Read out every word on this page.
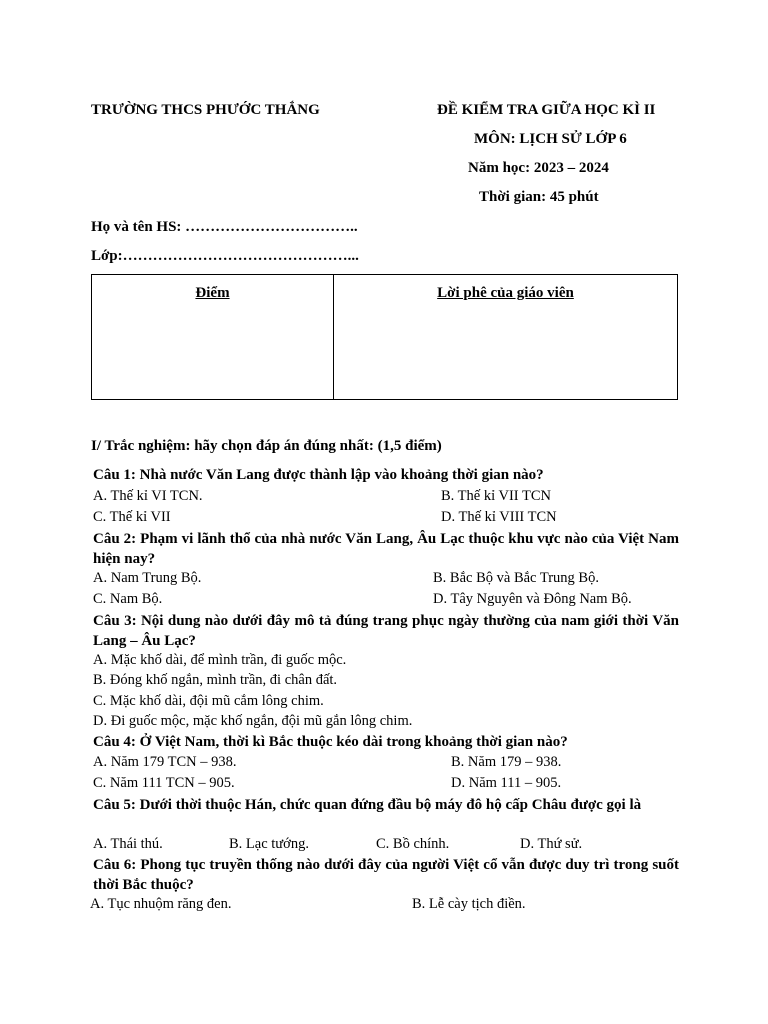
TRƯỜNG THCS PHƯỚC THẮNG	ĐỀ KIỂM TRA GIỮA HỌC KÌ II
MÔN: LỊCH SỬ LỚP 6
Năm học: 2023 – 2024
Thời gian: 45 phút
Họ và tên HS: ……………………………..
Lớp:………………………………………...
Điểm	Lời phê của giáo viên
I/ Trắc nghiệm: hãy chọn đáp án đúng nhất: (1,5 điểm)
Câu 1: Nhà nước Văn Lang được thành lập vào khoảng thời gian nào?
A. Thế kỉ VI TCN.	B. Thế kỉ VII TCN
C. Thế kỉ VII	D. Thế kỉ VIII TCN
Câu 2: Phạm vi lãnh thổ của nhà nước Văn Lang, Âu Lạc thuộc khu vực nào của Việt Nam hiện nay?
A. Nam Trung Bộ.	B. Bắc Bộ và Bắc Trung Bộ.
C. Nam Bộ.	D. Tây Nguyên và Đông Nam Bộ.
Câu 3: Nội dung nào dưới đây mô tả đúng trang phục ngày thường của nam giới thời Văn Lang – Âu Lạc?
A. Mặc khố dài, để mình trần, đi guốc mộc.
B. Đóng khố ngắn, mình trần, đi chân đất.
C. Mặc khố dài, đội mũ cắm lông chim.
D. Đi guốc mộc, mặc khố ngắn, đội mũ gắn lông chim.
Câu 4: Ở Việt Nam, thời kì Bắc thuộc kéo dài trong khoảng thời gian nào?
A. Năm 179 TCN – 938.	B. Năm 179 – 938.
C. Năm 111 TCN – 905.	D. Năm 111 – 905.
Câu 5: Dưới thời thuộc Hán, chức quan đứng đầu bộ máy đô hộ cấp Châu được gọi là
A. Thái thú.	B. Lạc tướng.	C. Bồ chính.	D. Thứ sử.
Câu 6: Phong tục truyền thống nào dưới đây của người Việt cổ vẫn được duy trì trong suốt thời Bắc thuộc?
A. Tục nhuộm răng đen.	B. Lễ cày tịch điền.
